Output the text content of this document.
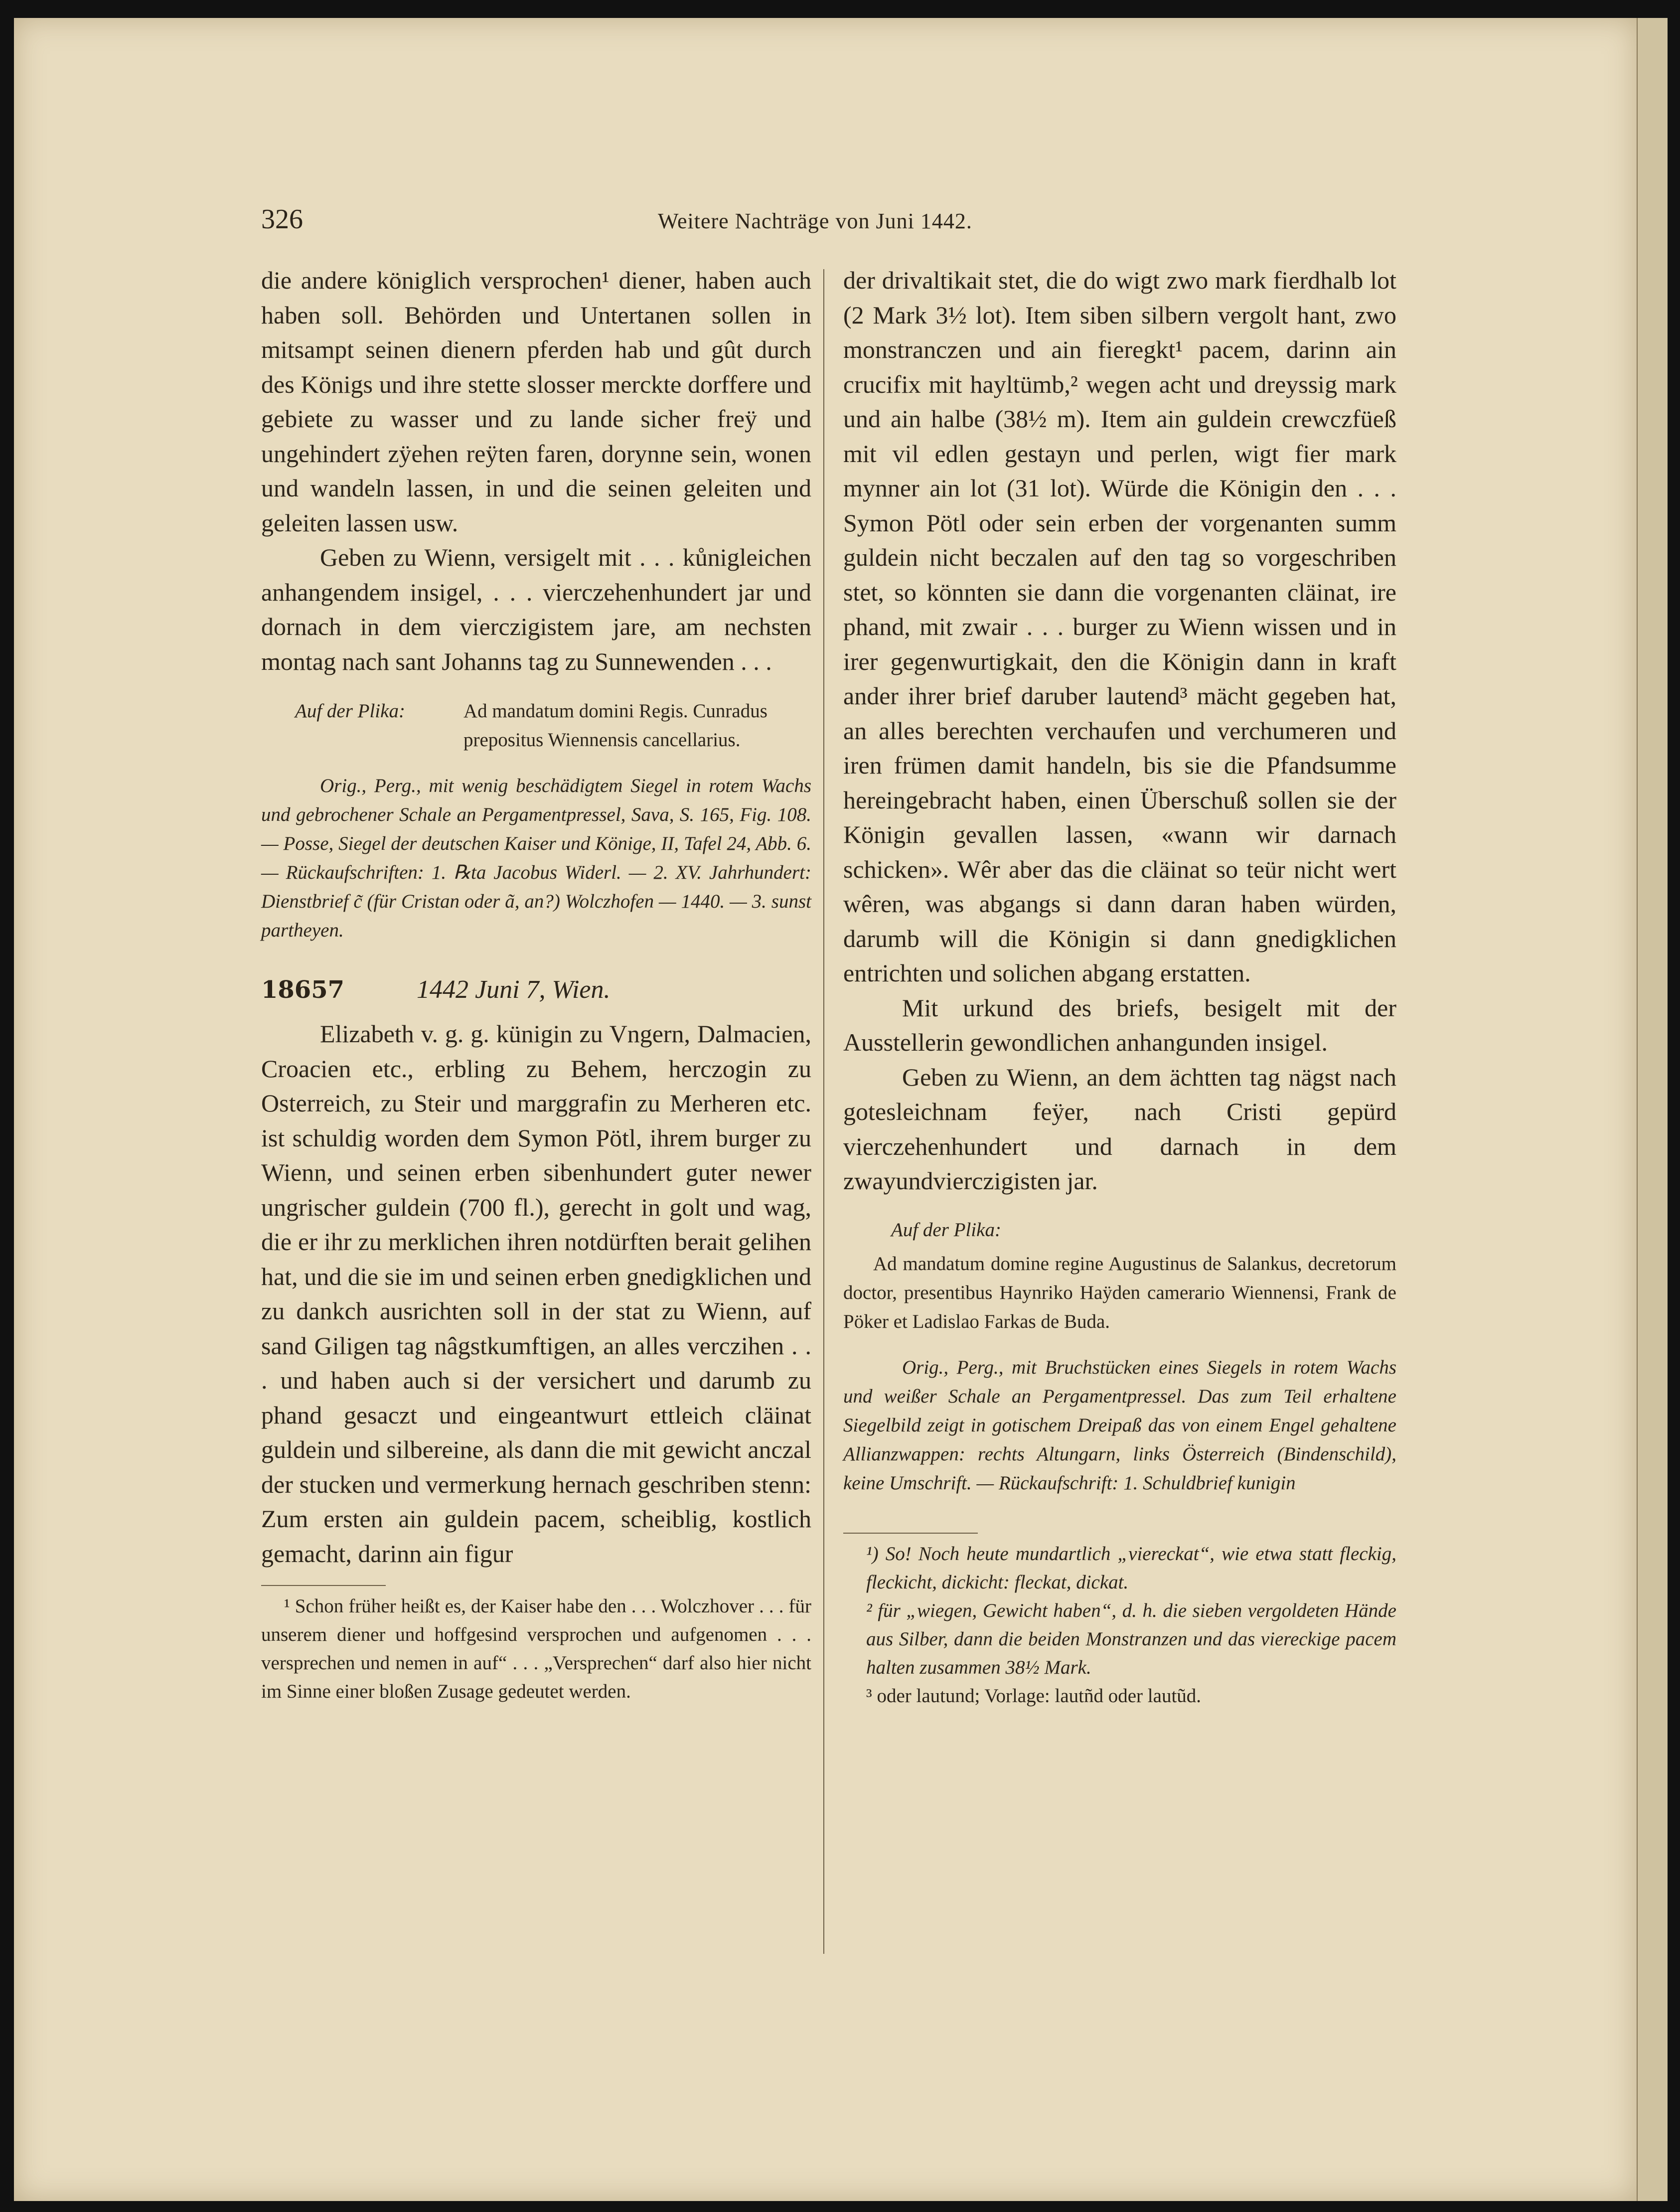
326	Weitere Nachträge von Juni 1442.

die andere königlich versprochen¹ diener, haben auch haben soll. Behörden und Untertanen sollen in mitsampt seinen dienern pferden hab und gût durch des Königs und ihre stette slosser merckte dorffere und gebiete zu wasser und zu lande sicher freÿ und ungehindert zÿehen reÿten faren, dorynne sein, wonen und wandeln lassen, in und die seinen geleiten und geleiten lassen usw.

Geben zu Wienn, versigelt mit . . . kůnigleichen anhangendem insigel, . . . vierczehenhundert jar und dornach in dem vierczigistem jare, am nechsten montag nach sant Johanns tag zu Sunnewenden . . .

Auf der Plika:	Ad mandatum domini Regis. Cunradus prepositus Wiennensis cancellarius.

Orig., Perg., mit wenig beschädigtem Siegel in rotem Wachs und gebrochener Schale an Pergamentpressel, Sava, S. 165, Fig. 108. — Posse, Siegel der deutschen Kaiser und Könige, II, Tafel 24, Abb. 6. — Rückaufschriften: 1. ℞ta Jacobus Widerl. — 2. XV. Jahrhundert: Dienstbrief c̃ (für Cristan oder ã, an?) Wolczhofen — 1440. — 3. sunst partheyen.

18657	1442 Juni 7, Wien.

Elizabeth v. g. g. künigin zu Vngern, Dalmacien, Croacien etc., erbling zu Behem, herczogin zu Osterreich, zu Steir und marggrafin zu Merheren etc. ist schuldig worden dem Symon Pötl, ihrem burger zu Wienn, und seinen erben sibenhundert guter newer ungrischer guldein (700 fl.), gerecht in golt und wag, die er ihr zu merklichen ihren notdürften berait gelihen hat, und die sie im und seinen erben gnedigklichen und zu dankch ausrichten soll in der stat zu Wienn, auf sand Giligen tag nâgstkumftigen, an alles verczihen . . . und haben auch si der versichert und darumb zu phand gesaczt und eingeantwurt ettleich cläinat guldein und silbereine, als dann die mit gewicht anczal der stucken und vermerkung hernach geschriben stenn: Zum ersten ain guldein pacem, scheiblig, kostlich gemacht, darinn ain figur

¹ Schon früher heißt es, der Kaiser habe den . . . Wolczhover . . . für unserem diener und hoffgesind versprochen und aufgenomen . . . versprechen und nemen in auf“ . . . „Versprechen“ darf also hier nicht im Sinne einer bloßen Zusage gedeutet werden.

der drivaltikait stet, die do wigt zwo mark fierdhalb lot (2 Mark 3½ lot). Item siben silbern vergolt hant, zwo monstranczen und ain fieregkt¹ pacem, darinn ain crucifix mit hayltümb,² wegen acht und dreyssig mark und ain halbe (38½ m). Item ain guldein crewczfüeß mit vil edlen gestayn und perlen, wigt fier mark mynner ain lot (31 lot). Würde die Königin den . . . Symon Pötl oder sein erben der vorgenanten summ guldein nicht beczalen auf den tag so vorgeschriben stet, so könnten sie dann die vorgenanten cläinat, ire phand, mit zwair . . . burger zu Wienn wissen und in irer gegenwurtigkait, den die Königin dann in kraft ander ihrer brief daruber lautend³ mächt gegeben hat, an alles berechten verchaufen und verchumeren und iren frümen damit handeln, bis sie die Pfandsumme hereingebracht haben, einen Überschuß sollen sie der Königin gevallen lassen, «wann wir darnach schicken». Wêr aber das die cläinat so teür nicht wert wêren, was abgangs si dann daran haben würden, darumb will die Königin si dann gnedigklichen entrichten und solichen abgang erstatten.

Mit urkund des briefs, besigelt mit der Ausstellerin gewondlichen anhangunden insigel.

Geben zu Wienn, an dem ächtten tag nägst nach gotesleichnam feÿer, nach Cristi gepürd vierczehenhundert und darnach in dem zwayundvierczigisten jar.

Auf der Plika:

Ad mandatum domine regine Augustinus de Salankus, decretorum doctor, presentibus Haynriko Haÿden camerario Wiennensi, Frank de Pöker et Ladislao Farkas de Buda.

Orig., Perg., mit Bruchstücken eines Siegels in rotem Wachs und weißer Schale an Pergamentpressel. Das zum Teil erhaltene Siegelbild zeigt in gotischem Dreipaß das von einem Engel gehaltene Allianzwappen: rechts Altungarn, links Österreich (Bindenschild), keine Umschrift. — Rückaufschrift: 1. Schuldbrief kunigin

¹) So! Noch heute mundartlich „viereckat“, wie etwa statt fleckig, fleckicht, dickicht: fleckat, dickat.

² für „wiegen, Gewicht haben“, d. h. die sieben vergoldeten Hände aus Silber, dann die beiden Monstranzen und das viereckige pacem halten zusammen 38½ Mark.

³ oder lautund; Vorlage: lautñd oder lautũd.
